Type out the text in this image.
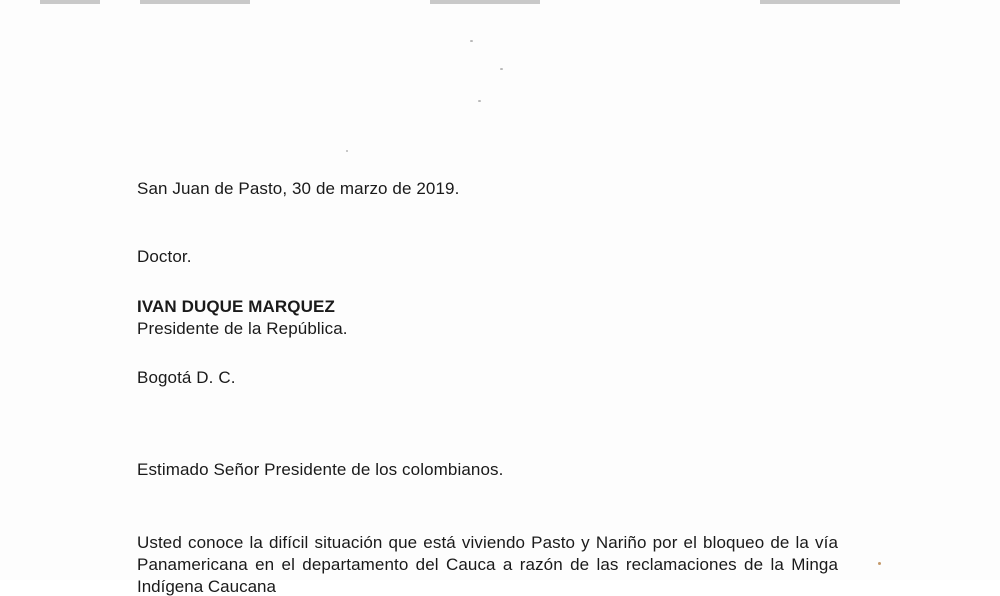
San Juan de Pasto, 30 de marzo de 2019.
Doctor.
IVAN DUQUE MARQUEZ
Presidente de la República.
Bogotá D. C.
Estimado Señor Presidente de los colombianos.
Usted conoce la difícil situación que está viviendo Pasto y Nariño por el bloqueo de la vía
Panamericana en el departamento del Cauca a razón de las reclamaciones de la Minga
Indígena Caucana
